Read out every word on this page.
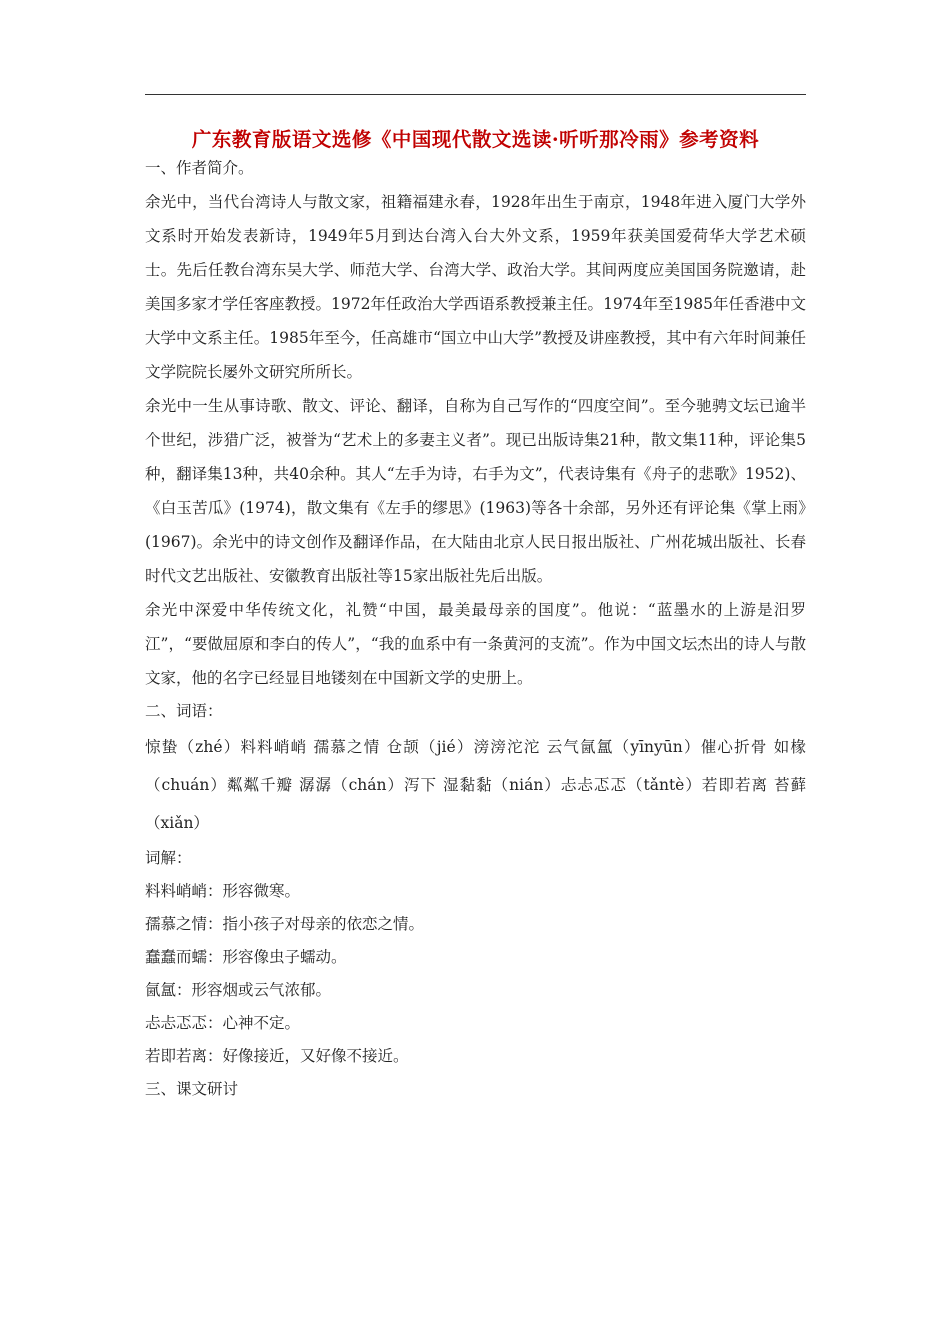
广东教育版语文选修《中国现代散文选读·听听那冷雨》参考资料

一、作者简介。

余光中，当代台湾诗人与散文家，祖籍福建永春，1928年出生于南京，1948年进入厦门大学外文系时开始发表新诗，1949年5月到达台湾入台大外文系，1959年获美国爱荷华大学艺术硕士。先后任教台湾东吴大学、师范大学、台湾大学、政治大学。其间两度应美国国务院邀请，赴美国多家才学任客座教授。1972年任政治大学西语系教授兼主任。1974年至1985年任香港中文大学中文系主任。1985年至今，任高雄市“国立中山大学”教授及讲座教授，其中有六年时间兼任文学院院长屡外文研究所所长。

余光中一生从事诗歌、散文、评论、翻译，自称为自己写作的“四度空间”。至今驰骋文坛已逾半个世纪，涉猎广泛，被誉为“艺术上的多妻主义者”。现已出版诗集21种，散文集11种，评论集5种，翻译集13种，共40余种。其人“左手为诗，右手为文”，代表诗集有《舟子的悲歌》1952)、《白玉苦瓜》(1974)，散文集有《左手的缪思》(1963)等各十余部，另外还有评论集《掌上雨》(1967)。余光中的诗文创作及翻译作品，在大陆由北京人民日报出版社、广州花城出版社、长春时代文艺出版社、安徽教育出版社等15家出版社先后出版。

余光中深爱中华传统文化，礼赞“中国，最美最母亲的国度”。他说：“蓝墨水的上游是汨罗江”，“要做屈原和李白的传人”，“我的血系中有一条黄河的支流”。作为中国文坛杰出的诗人与散文家，他的名字已经显目地镂刻在中国新文学的史册上。

二、词语：

惊蛰（zhé）料料峭峭 孺慕之情 仓颉（jié）滂滂沱沱 云气氤氲（yīnyūn）催心折骨 如椽（chuán）粼粼千瓣 潺潺（chán）泻下 湿黏黏（nián）忐忐忑忑（tǎntè）若即若离 苔藓（xiǎn）

词解：

料料峭峭：形容微寒。

孺慕之情：指小孩子对母亲的依恋之情。

蠢蠢而蠕：形容像虫子蠕动。

氤氲：形容烟或云气浓郁。

忐忐忑忑：心神不定。

若即若离：好像接近，又好像不接近。

三、课文研讨
